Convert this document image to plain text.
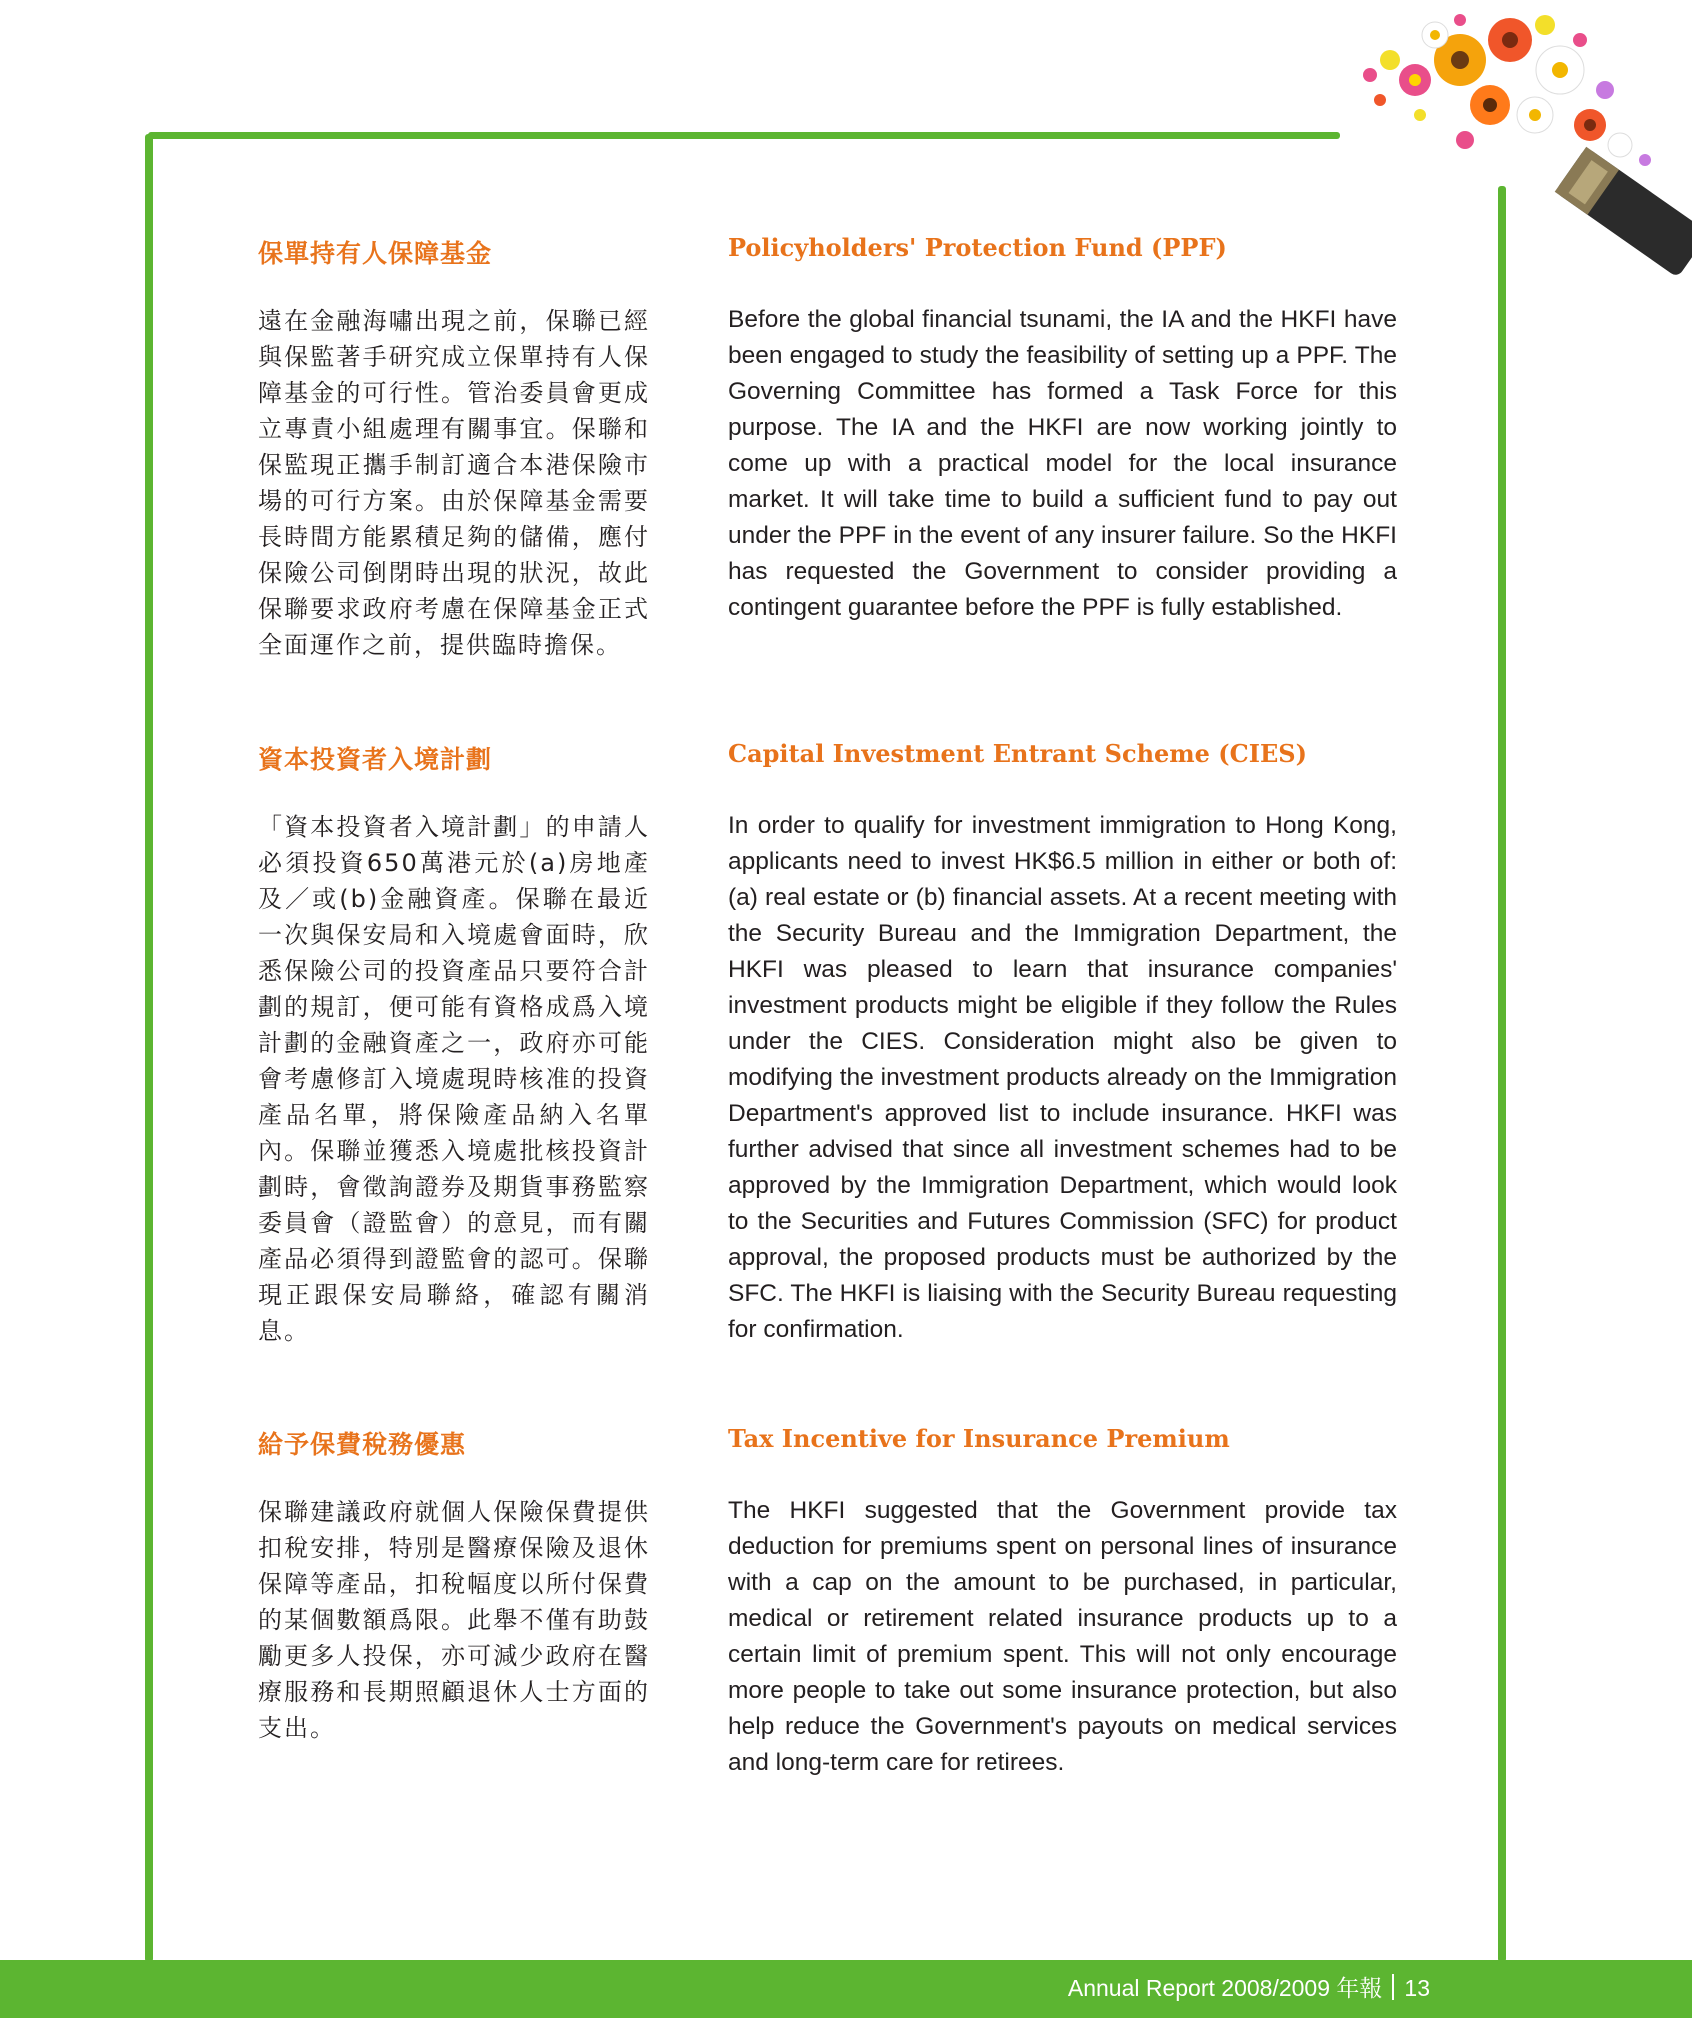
保單持有人保障基金

遠在金融海嘯出現之前，保聯已經與保監著手研究成立保單持有人保障基金的可行性。管治委員會更成立專責小組處理有關事宜。保聯和保監現正攜手制訂適合本港保險市場的可行方案。由於保障基金需要長時間方能累積足夠的儲備，應付保險公司倒閉時出現的狀況，故此保聯要求政府考慮在保障基金正式全面運作之前，提供臨時擔保。

Policyholders' Protection Fund (PPF)

Before the global financial tsunami, the IA and the HKFI have been engaged to study the feasibility of setting up a PPF. The Governing Committee has formed a Task Force for this purpose. The IA and the HKFI are now working jointly to come up with a practical model for the local insurance market. It will take time to build a sufficient fund to pay out under the PPF in the event of any insurer failure. So the HKFI has requested the Government to consider providing a contingent guarantee before the PPF is fully established.

資本投資者入境計劃

「資本投資者入境計劃」的申請人必須投資650萬港元於(a)房地產及／或(b)金融資產。保聯在最近一次與保安局和入境處會面時，欣悉保險公司的投資產品只要符合計劃的規訂，便可能有資格成爲入境計劃的金融資產之一，政府亦可能會考慮修訂入境處現時核准的投資產品名單，將保險產品納入名單內。保聯並獲悉入境處批核投資計劃時，會徵詢證券及期貨事務監察委員會（證監會）的意見，而有關產品必須得到證監會的認可。保聯現正跟保安局聯絡，確認有關消息。

Capital Investment Entrant Scheme (CIES)

In order to qualify for investment immigration to Hong Kong, applicants need to invest HK$6.5 million in either or both of: (a) real estate or (b) financial assets. At a recent meeting with the Security Bureau and the Immigration Department, the HKFI was pleased to learn that insurance companies' investment products might be eligible if they follow the Rules under the CIES. Consideration might also be given to modifying the investment products already on the Immigration Department's approved list to include insurance. HKFI was further advised that since all investment schemes had to be approved by the Immigration Department, which would look to the Securities and Futures Commission (SFC) for product approval, the proposed products must be authorized by the SFC. The HKFI is liaising with the Security Bureau requesting for confirmation.

給予保費稅務優惠

保聯建議政府就個人保險保費提供扣稅安排，特別是醫療保險及退休保障等產品，扣稅幅度以所付保費的某個數額爲限。此舉不僅有助鼓勵更多人投保，亦可減少政府在醫療服務和長期照顧退休人士方面的支出。

Tax Incentive for Insurance Premium

The HKFI suggested that the Government provide tax deduction for premiums spent on personal lines of insurance with a cap on the amount to be purchased, in particular, medical or retirement related insurance products up to a certain limit of premium spent. This will not only encourage more people to take out some insurance protection, but also help reduce the Government's payouts on medical services and long-term care for retirees.

Annual Report 2008/2009 年報 13
